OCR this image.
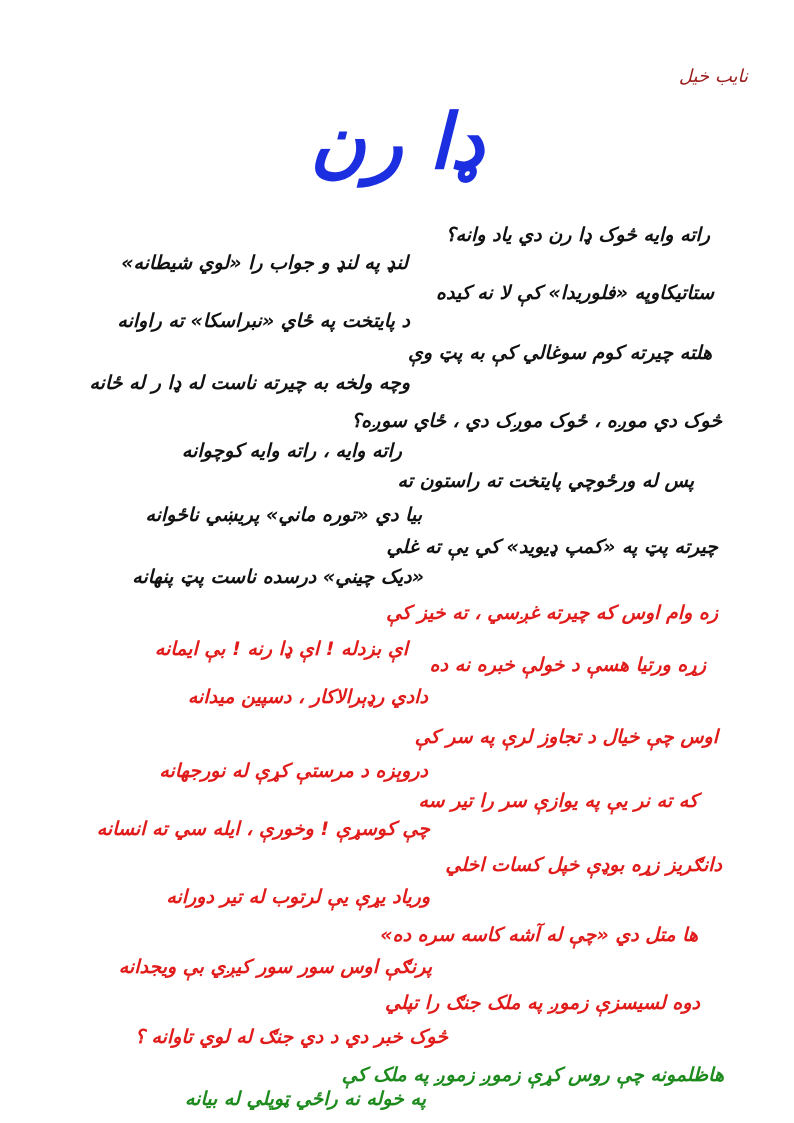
نايب خيل
ډا رن
راته وايه څوک ډا رن دي ياد وانه؟
لنډ په لنډ و جواب را «لوي شيطانه»
ستاتيکاوپه «فلوريدا» کې لا نه کيده
د پايتخت په ځاي «نبراسکا» ته راوانه
هلته چيرته کوم سوغالي کې به پټ وې
وچه ولخه به چيرته ناست له ډا ر له ځانه
څوک دي موږه ، ځوک موږک دي ، ځاي سوږه؟
راته وايه ، راته وايه کوچوانه
پس له ورځوچي پايتخت ته راستون ته
بيا دي «توره ماني» پريښي ناځوانه
چيرته پټ په «کمپ ډيويد» کي يې ته غلي
«ديک چيني» درسده ناست پټ پنهانه
زه وام اوس که چيرته غږسي ، ته خيز کې
اې بزدله ! اې ډا رنه ! بې ايمانه
زړه ورتيا هسې د خولې خبره نه ده
دادي رډېرالاکار ، دسپين ميدانه
اوس چې خيال د تجاوز لرې په سر کې
دروېزه د مرستې کړې له نورجهانه
که ته نر يې په يوازې سر را تير سه
چې کوسړې ! وخورې ، ايله سي ته انسانه
دانګريز زړه بوډې خپل کسات اخلي
ورياد يړې يې لرتوب له تير دورانه
ها متل دي «چې له آشه کاسه سره ده»
پرنګې اوس سور سور کيږي بې ويجدانه
دوه لسيسزې زموږ په ملک جنګ را تپلي
څوک خبر دي د دي جنګ له لوي تاوانه ؟
هاظلمونه چې روس کړې زموږ زموږ په ملک کې
په خوله نه راځي ټوپلي له بيانه
